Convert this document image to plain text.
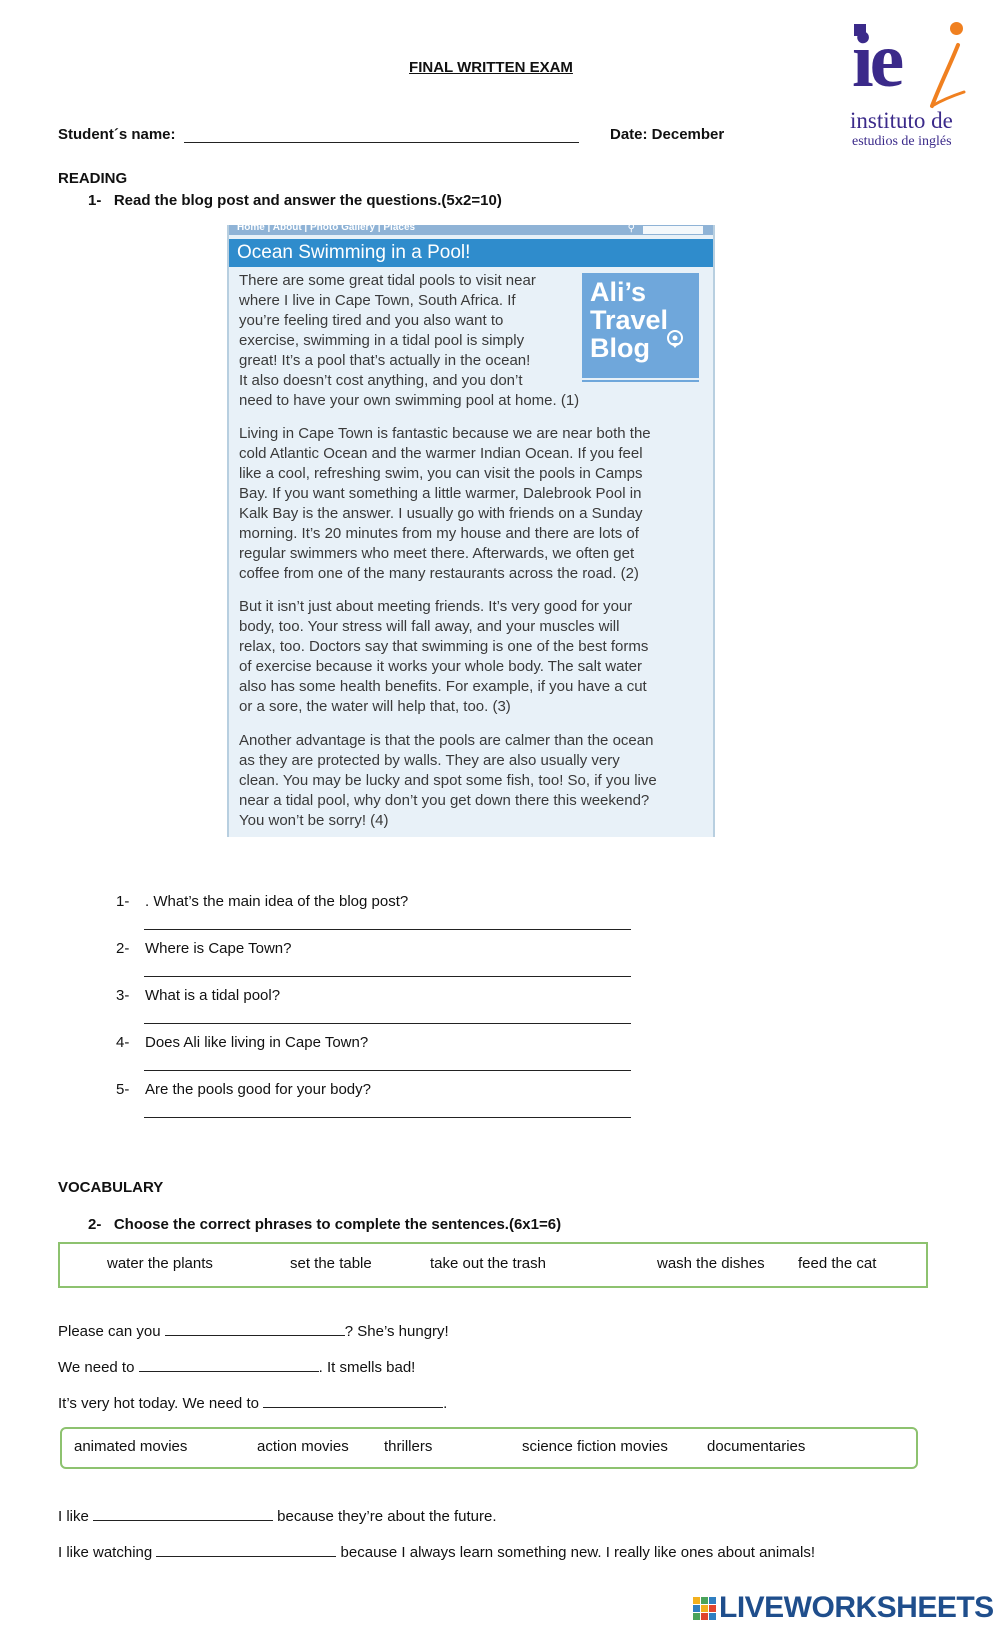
FINAL WRITTEN EXAM
Student´s name:	Date: December
ie
instituto de
estudios de inglés
READING
1-   Read the blog post and answer the questions.(5x2=10)
Home | About | Photo Gallery | Places	⚲
Ocean Swimming in a Pool!
Ali’s
Travel
Blog

There are some great tidal pools to visit near
where I live in Cape Town, South Africa. If
you’re feeling tired and you also want to
exercise, swimming in a tidal pool is simply
great! It’s a pool that’s actually in the ocean!
It also doesn’t cost anything, and you don’t
need to have your own swimming pool at home. (1)

Living in Cape Town is fantastic because we are near both the
cold Atlantic Ocean and the warmer Indian Ocean. If you feel
like a cool, refreshing swim, you can visit the pools in Camps
Bay. If you want something a little warmer, Dalebrook Pool in
Kalk Bay is the answer. I usually go with friends on a Sunday
morning. It’s 20 minutes from my house and there are lots of
regular swimmers who meet there. Afterwards, we often get
coffee from one of the many restaurants across the road. (2)

But it isn’t just about meeting friends. It’s very good for your
body, too. Your stress will fall away, and your muscles will
relax, too. Doctors say that swimming is one of the best forms
of exercise because it works your whole body. The salt water
also has some health benefits. For example, if you have a cut
or a sore, the water will help that, too. (3)

Another advantage is that the pools are calmer than the ocean
as they are protected by walls. They are also usually very
clean. You may be lucky and spot some fish, too! So, if you live
near a tidal pool, why don’t you get down there this weekend?
You won’t be sorry! (4)

1- . What’s the main idea of the blog post?
2- Where is Cape Town?
3- What is a tidal pool?
4- Does Ali like living in Cape Town?
5- Are the pools good for your body?
VOCABULARY
2-   Choose the correct phrases to complete the sentences.(6x1=6)
water the plants	set the table	take out the trash	wash the dishes feed the cat
Please can you	? She’s hungry!
We need to	. It smells bad!
It’s very hot today. We need to	.
animated movies	action movies thrillers	science fiction movies	documentaries
I like	because they’re about the future.
I like watching	because I always learn something new. I really like ones about animals!
LIVEWORKSHEETS
